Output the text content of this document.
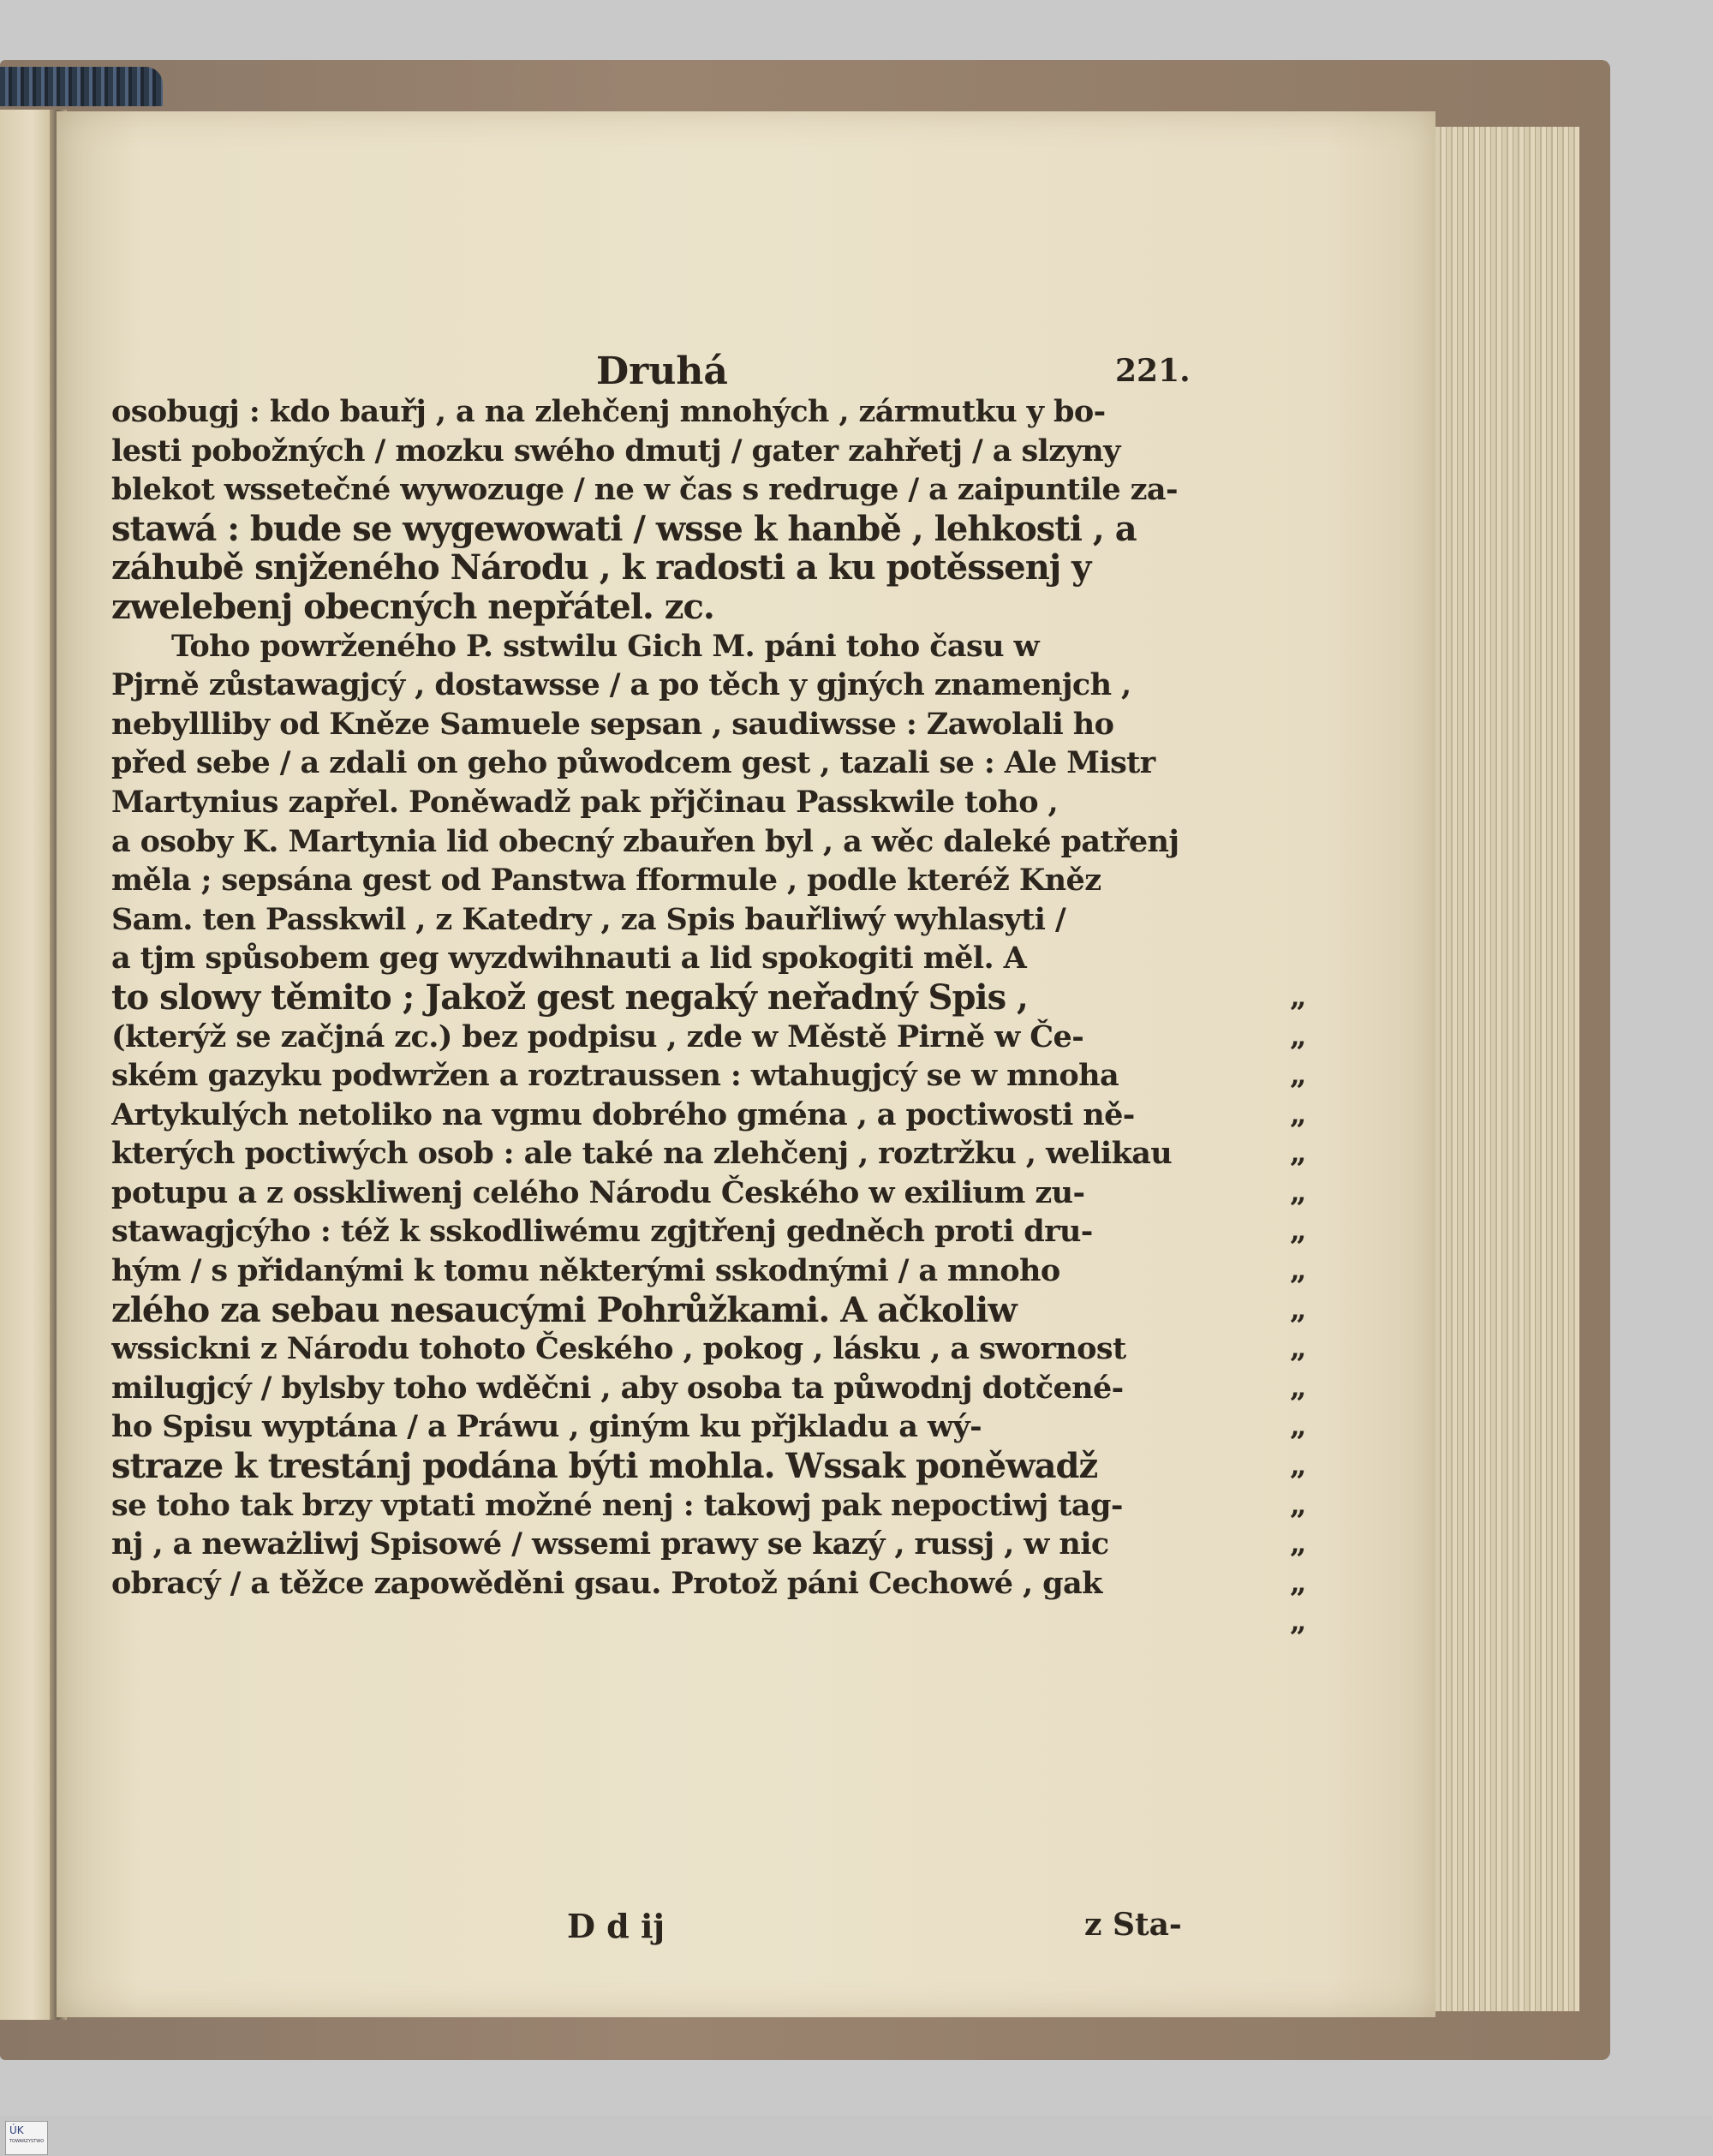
Druhá	221.
osobugj : kdo bauřj , a na zlehčenj mnohých , zármutku y bo-
lesti pobožných / mozku swého dmutj / gater zahřetj / a slzyny
blekot wssetečné wywozuge / ne w čas s redruge / a zaipuntile za-
stawá : bude se wygewowati / wsse k hanbě , lehkosti , a
záhubě snjženého Národu , k radosti a ku potěssenj y
zwelebenj obecných nepřátel. zc.
Toho powrženého P. sstwilu Gich M. páni toho času w
Pjrně zůstawagjcý , dostawsse / a po těch y gjných znamenjch ,
nebyllliby od Kněze Samuele sepsan , saudiwsse : Zawolali ho
před sebe / a zdali on geho půwodcem gest , tazali se : Ale Mistr
Martynius zapřel. Poněwadž pak přjčinau Passkwile toho ,
a osoby K. Martynia lid obecný zbauřen byl , a wěc daleké patřenj
měla ; sepsána gest od Panstwa fformule , podle kteréž Kněz
Sam. ten Passkwil , z Katedry , za Spis bauřliwý wyhlasyti /
a tjm spůsobem geg wyzdwihnauti a lid spokogiti měl. A
to slowy těmito ; Jakož gest negaký neřadný Spis ,
(kterýž se začjná zc.) bez podpisu , zde w Městě Pirně w Če-
ském gazyku podwržen a roztraussen : wtahugjcý se w mnoha
Artykulých netoliko na vgmu dobrého gména , a poctiwosti ně-
kterých poctiwých osob : ale také na zlehčenj , roztržku , welikau
potupu a z osskliwenj celého Národu Českého w exilium zu-
stawagjcýho : též k sskodliwému zgjtřenj gedněch proti dru-
hým / s přidanými k tomu některými sskodnými / a mnoho
zlého za sebau nesaucými Pohrůžkami. A ačkoliw
wssickni z Národu tohoto Českého , pokog , lásku , a swornost
milugjcý / bylsby toho wděčni , aby osoba ta půwodnj dotčené-
ho Spisu wyptána / a Práwu , giným ku přjkladu a wý-
straze k trestánj podána býti mohla. Wssak poněwadž
se toho tak brzy vptati možné nenj : takowj pak nepoctiwj tag-
nj , a neważliwj Spisowé / wssemi prawy se kazý , russj , w nic
obracý / a těžce zapowěděni gsau. Protož páni Cechowé , gak
„
„
„
„
„
„
„
„
„
„
„
„
„
„
„
„
„
D d ij	z Sta-
ÚK
TOWARZYSTWO
